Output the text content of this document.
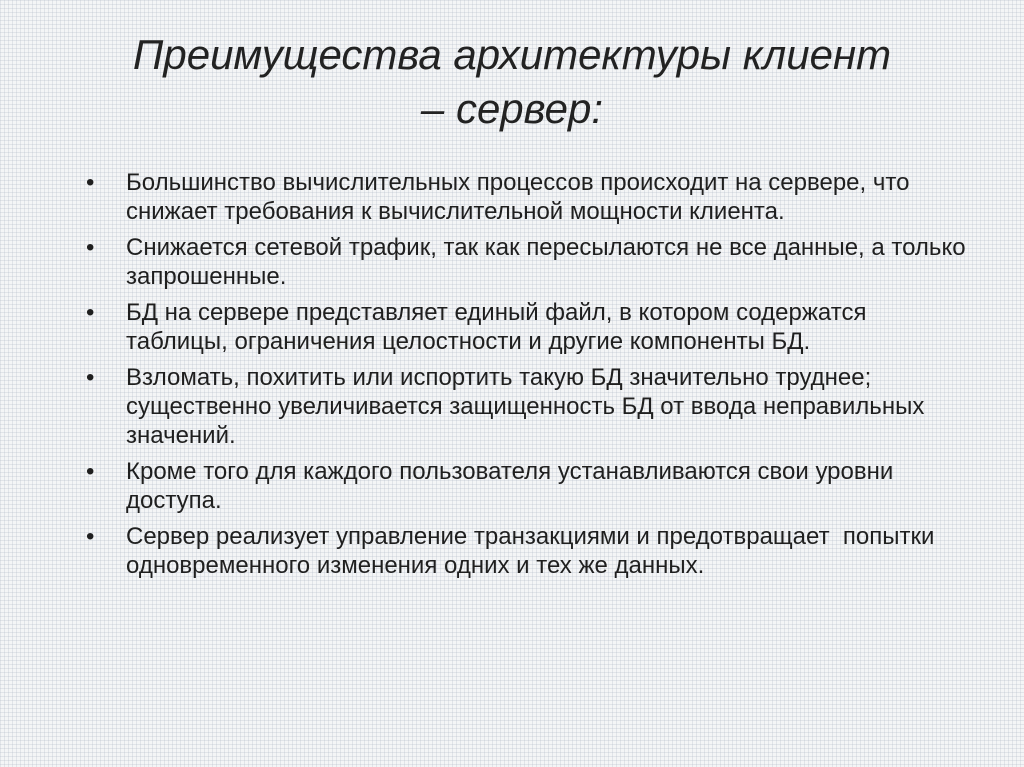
Преимущества архитектуры клиент
– сервер:
•	Большинство вычислительных процессов происходит на сервере, что снижает требования к вычислительной мощности клиента.
•	Снижается сетевой трафик, так как пересылаются не все данные, а только запрошенные.
•	БД на сервере представляет единый файл, в котором содержатся таблицы, ограничения целостности и другие компоненты БД.
•	Взломать, похитить или испортить такую БД значительно труднее; существенно увеличивается защищенность БД от ввода неправильных значений.
•	Кроме того для каждого пользователя устанавливаются свои уровни доступа.
•	Сервер реализует управление транзакциями и предотвращает  попытки одновременного изменения одних и тех же данных.
